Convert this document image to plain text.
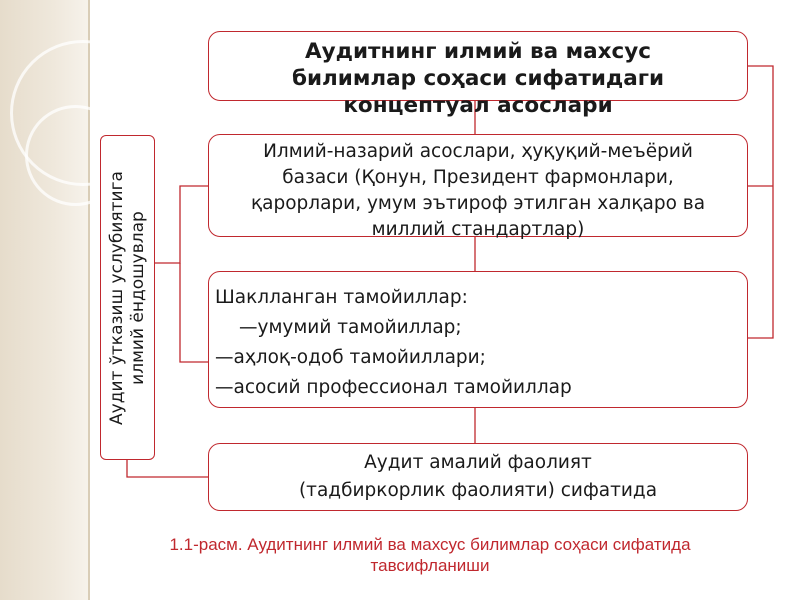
Аудитнинг илмий ва махсус
билимлар соҳаси сифатидаги
концептуал асослари
Илмий-назарий асослари, ҳуқуқий-меъёрий
базаси (Қонун, Президент фармонлари,
қарорлари, умум эътироф этилган халқаро ва
миллий стандартлар)
Шаклланган тамойиллар:
—умумий тамойиллар;
—аҳлоқ-одоб тамойиллари;
—асосий профессионал тамойиллар
Аудит амалий фаолият
(тадбиркорлик фаолияти) сифатида
Аудит ўтказиш услубиятига илмий ёндошувлар
1.1-расм. Аудитнинг илмий ва махсус билимлар соҳаси сифатида
тавсифланиши
